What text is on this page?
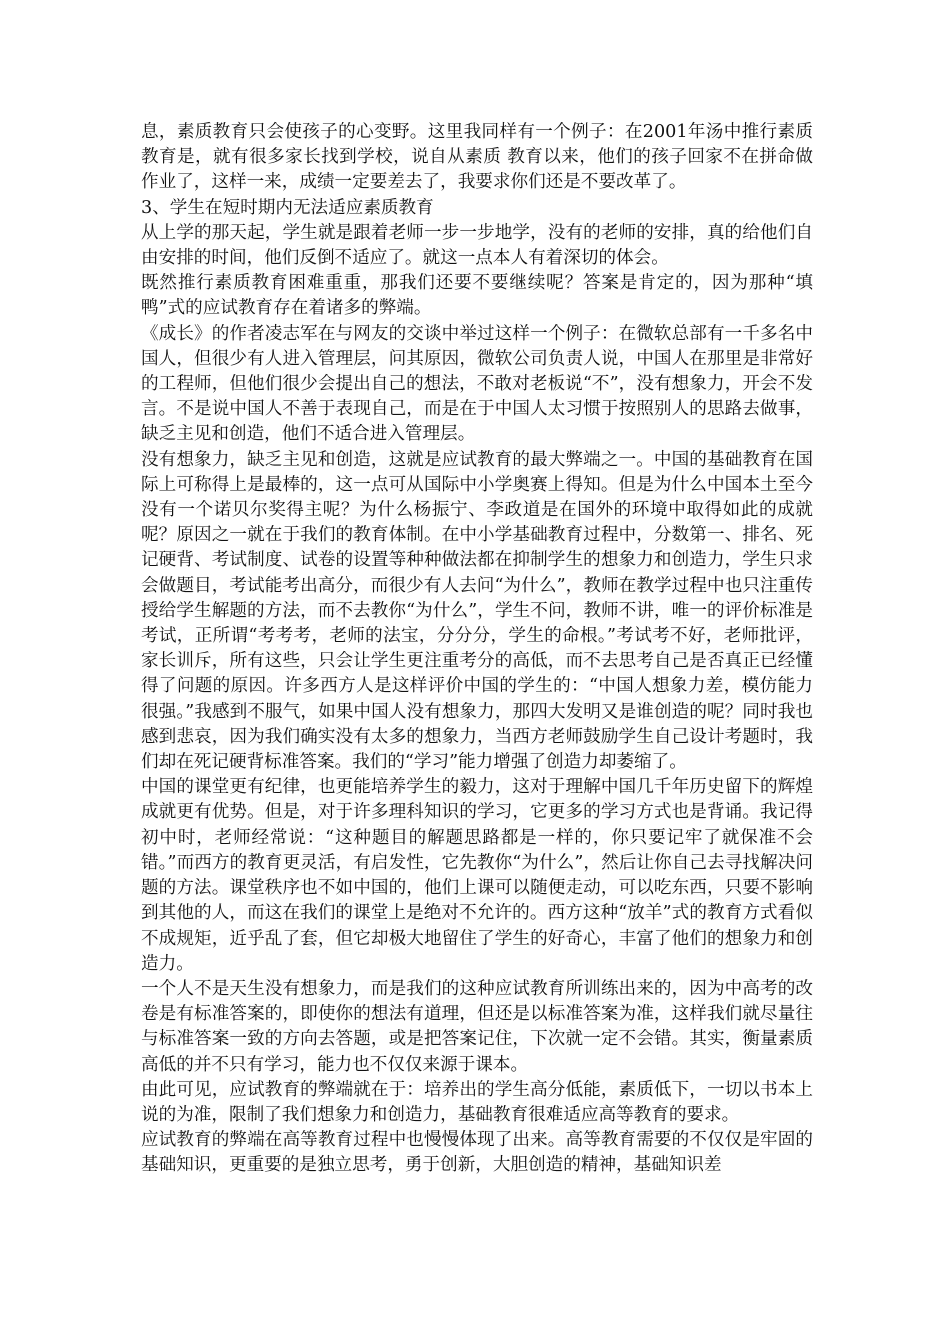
息，素质教育只会使孩子的心变野。这里我同样有一个例子：在2001年汤中推行素质教育是，就有很多家长找到学校，说自从素质 教育以来，他们的孩子回家不在拼命做作业了，这样一来，成绩一定要差去了，我要求你们还是不要改革了。

3、学生在短时期内无法适应素质教育

从上学的那天起，学生就是跟着老师一步一步地学，没有的老师的安排，真的给他们自由安排的时间，他们反倒不适应了。就这一点本人有着深切的体会。

既然推行素质教育困难重重，那我们还要不要继续呢？答案是肯定的，因为那种“填鸭”式的应试教育存在着诸多的弊端。

《成长》的作者凌志军在与网友的交谈中举过这样一个例子：在微软总部有一千多名中国人，但很少有人进入管理层，问其原因，微软公司负责人说，中国人在那里是非常好的工程师，但他们很少会提出自己的想法，不敢对老板说“不”，没有想象力，开会不发言。不是说中国人不善于表现自己，而是在于中国人太习惯于按照别人的思路去做事，缺乏主见和创造，他们不适合进入管理层。

没有想象力，缺乏主见和创造，这就是应试教育的最大弊端之一。中国的基础教育在国际上可称得上是最棒的，这一点可从国际中小学奥赛上得知。但是为什么中国本土至今没有一个诺贝尔奖得主呢？为什么杨振宁、李政道是在国外的环境中取得如此的成就呢？原因之一就在于我们的教育体制。在中小学基础教育过程中，分数第一、排名、死记硬背、考试制度、试卷的设置等种种做法都在抑制学生的想象力和创造力，学生只求会做题目，考试能考出高分，而很少有人去问“为什么”，教师在教学过程中也只注重传授给学生解题的方法，而不去教你“为什么”，学生不问，教师不讲，唯一的评价标准是考试，正所谓“考考考，老师的法宝，分分分，学生的命根。”考试考不好，老师批评，家长训斥，所有这些，只会让学生更注重考分的高低，而不去思考自己是否真正已经懂得了问题的原因。许多西方人是这样评价中国的学生的：“中国人想象力差，模仿能力很强。”我感到不服气，如果中国人没有想象力，那四大发明又是谁创造的呢？同时我也感到悲哀，因为我们确实没有太多的想象力，当西方老师鼓励学生自己设计考题时，我们却在死记硬背标准答案。我们的“学习”能力增强了创造力却萎缩了。

中国的课堂更有纪律，也更能培养学生的毅力，这对于理解中国几千年历史留下的辉煌成就更有优势。但是，对于许多理科知识的学习，它更多的学习方式也是背诵。我记得初中时，老师经常说：“这种题目的解题思路都是一样的，你只要记牢了就保准不会错。”而西方的教育更灵活，有启发性，它先教你“为什么”，然后让你自己去寻找解决问题的方法。课堂秩序也不如中国的，他们上课可以随便走动，可以吃东西，只要不影响到其他的人，而这在我们的课堂上是绝对不允许的。西方这种“放羊”式的教育方式看似不成规矩，近乎乱了套，但它却极大地留住了学生的好奇心，丰富了他们的想象力和创造力。

一个人不是天生没有想象力，而是我们的这种应试教育所训练出来的，因为中高考的改卷是有标准答案的，即使你的想法有道理，但还是以标准答案为准，这样我们就尽量往与标准答案一致的方向去答题，或是把答案记住，下次就一定不会错。其实，衡量素质高低的并不只有学习，能力也不仅仅来源于课本。

由此可见，应试教育的弊端就在于：培养出的学生高分低能，素质低下，一切以书本上说的为准，限制了我们想象力和创造力，基础教育很难适应高等教育的要求。

应试教育的弊端在高等教育过程中也慢慢体现了出来。高等教育需要的不仅仅是牢固的基础知识，更重要的是独立思考，勇于创新，大胆创造的精神，基础知识差
